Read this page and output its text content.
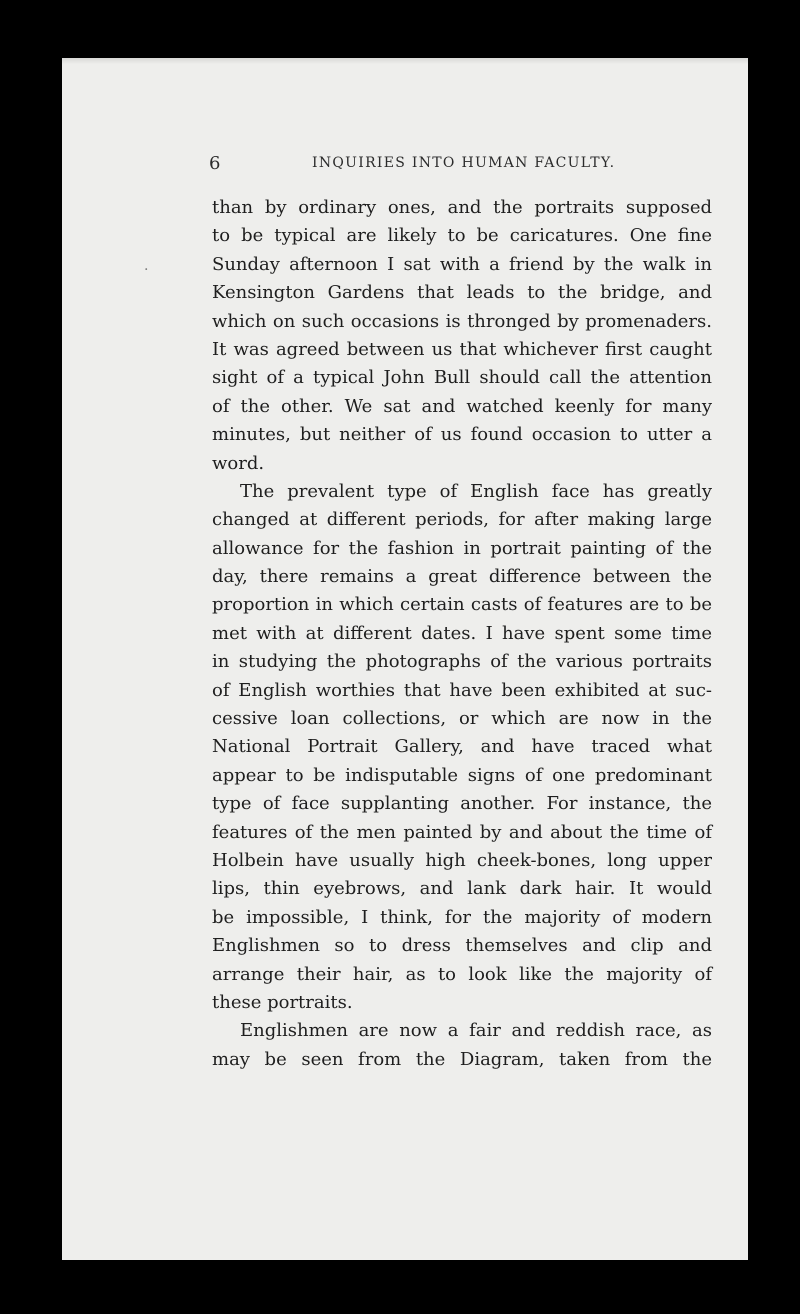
6	INQUIRIES INTO HUMAN FACULTY.
.
than by ordinary ones, and the portraits supposed
to be typical are likely to be caricatures. One fine
Sunday afternoon I sat with a friend by the walk in
Kensington Gardens that leads to the bridge, and
which on such occasions is thronged by promenaders.
It was agreed between us that whichever first caught
sight of a typical John Bull should call the attention
of the other. We sat and watched keenly for many
minutes, but neither of us found occasion to utter a
word.
The prevalent type of English face has greatly
changed at different periods, for after making large
allowance for the fashion in portrait painting of the
day, there remains a great difference between the
proportion in which certain casts of features are to be
met with at different dates. I have spent some time
in studying the photographs of the various portraits
of English worthies that have been exhibited at suc-
cessive loan collections, or which are now in the
National Portrait Gallery, and have traced what
appear to be indisputable signs of one predominant
type of face supplanting another. For instance, the
features of the men painted by and about the time of
Holbein have usually high cheek-bones, long upper
lips, thin eyebrows, and lank dark hair. It would
be impossible, I think, for the majority of modern
Englishmen so to dress themselves and clip and
arrange their hair, as to look like the majority of
these portraits.
Englishmen are now a fair and reddish race, as
may be seen from the Diagram, taken from the
